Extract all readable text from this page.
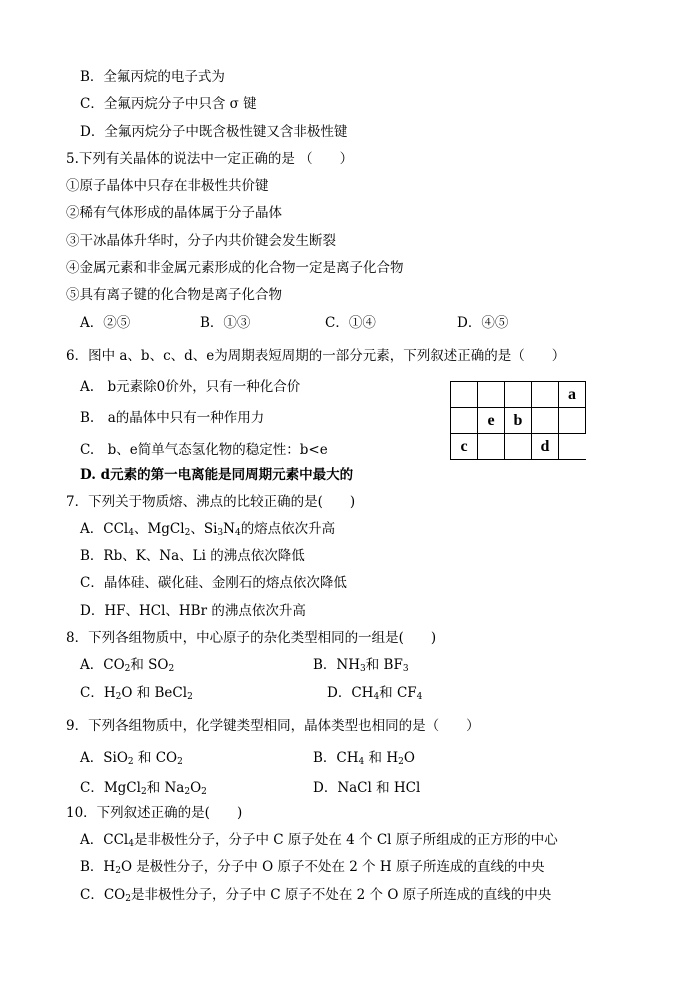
B．全氟丙烷的电子式为
C．全氟丙烷分子中只含 σ 键
D．全氟丙烷分子中既含极性键又含非极性键
5.下列有关晶体的说法中一定正确的是 （　　）
①原子晶体中只存在非极性共价键
②稀有气体形成的晶体属于分子晶体
③干冰晶体升华时，分子内共价键会发生断裂
④金属元素和非金属元素形成的化合物一定是离子化合物
⑤具有离子键的化合物是离子化合物
A．②⑤	B．①③	C．①④	D．④⑤
6．图中 a、b、c、d、e为周期表短周期的一部分元素，下列叙述正确的是（　　）
A.　b元素除0价外，只有一种化合价
B.　a的晶体中只有一种作用力
C.　b、e简单气态氢化物的稳定性：b<e
D. d元素的第一电离能是同周期元素中最大的
				a
	e	b		
c			d	
7．下列关于物质熔、沸点的比较正确的是(　　)
A．CCl$_4$、MgCl$_2$、$Si_3N_4$的熔点依次升高
B．Rb、K、Na、Li 的沸点依次降低
C．晶体硅、碳化硅、金刚石的熔点依次降低
D．HF、HCl、HBr 的沸点依次升高
8．下列各组物质中，中心原子的杂化类型相同的一组是(　　)
A．$CO_2$和 $SO_2$	B．$NH_3$和 $BF_3$
C．$H_2O$ 和 BeCl$_2$	D．$CH_4$和 $CF_4$
9．下列各组物质中，化学键类型相同，晶体类型也相同的是（　　）
A．SiO$_2$ 和 $CO_2$	B．$CH_4$ 和 $H_2O$
C．MgCl$_2$和 $Na_2O_2$	D．NaCl 和 HCl
10．下列叙述正确的是(　　)
A．CCl$_4$是非极性分子，分子中 C 原子处在 4 个 Cl 原子所组成的正方形的中心
B．$H_2O$ 是极性分子，分子中 O 原子不处在 2 个 H 原子所连成的直线的中央
C．$CO_2$是非极性分子，分子中 C 原子不处在 2 个 O 原子所连成的直线的中央
